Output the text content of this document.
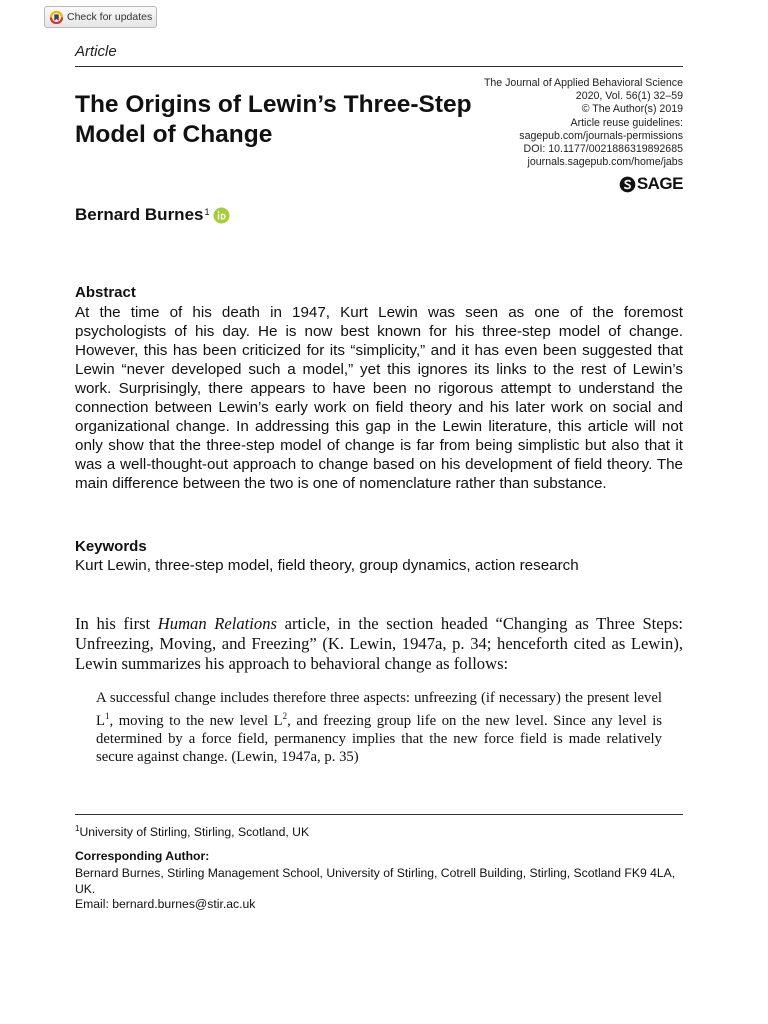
Check for updates
Article
The Origins of Lewin’s Three-Step Model of Change
The Journal of Applied Behavioral Science
2020, Vol. 56(1) 32–59
© The Author(s) 2019
Article reuse guidelines:
sagepub.com/journals-permissions
DOI: 10.1177/0021886319892685
journals.sagepub.com/home/jabs
SAGE
Bernard Burnes 1
Abstract

At the time of his death in 1947, Kurt Lewin was seen as one of the foremost psychologists of his day. He is now best known for his three-step model of change. However, this has been criticized for its “simplicity,” and it has even been suggested that Lewin “never developed such a model,” yet this ignores its links to the rest of Lewin’s work. Surprisingly, there appears to have been no rigorous attempt to understand the connection between Lewin’s early work on field theory and his later work on social and organizational change. In addressing this gap in the Lewin literature, this article will not only show that the three-step model of change is far from being simplistic but also that it was a well-thought-out approach to change based on his development of field theory. The main difference between the two is one of nomenclature rather than substance.

Keywords
Kurt Lewin, three-step model, field theory, group dynamics, action research

In his first Human Relations article, in the section headed “Changing as Three Steps: Unfreezing, Moving, and Freezing” (K. Lewin, 1947a, p. 34; henceforth cited as Lewin), Lewin summarizes his approach to behavioral change as follows:

A successful change includes therefore three aspects: unfreezing (if necessary) the present level $L^1$, moving to the new level $L^2$, and freezing group life on the new level. Since any level is determined by a force field, permanency implies that the new force field is made relatively secure against change. (Lewin, 1947a, p. 35)

$^1$University of Stirling, Stirling, Scotland, UK
Corresponding Author:

Bernard Burnes, Stirling Management School, University of Stirling, Cotrell Building, Stirling, Scotland FK9 4LA, UK.

Email: bernard.burnes@stir.ac.uk
